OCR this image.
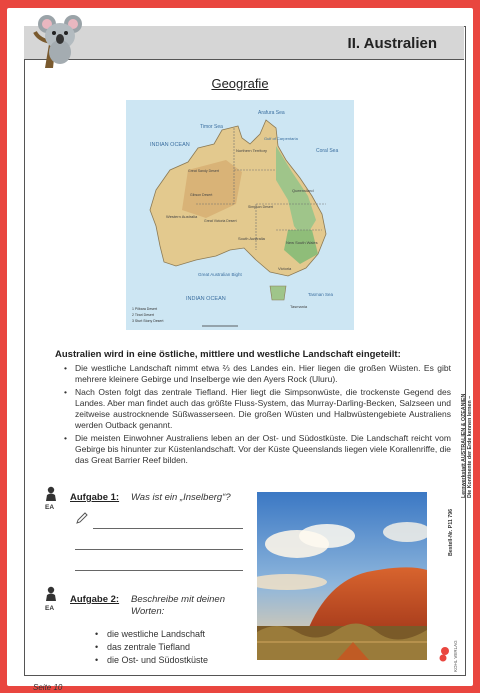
II. Australien
Geografie
INDIAN OCEAN
INDIAN OCEAN
Coral Sea
Timor Sea
Arafura Sea
Gulf of Carpentaria
Great Australian Bight
Tasman Sea
Northern Territory
Queensland
Western Australia
South Australia
New South Wales
Victoria
Tasmania
Great Sandy Desert
Gibson Desert
Great Victoria Desert
Simpson Desert
1 Pilbara Desert
2 Tirari Desert
3 Sturt Stony Desert
Australien wird in eine östliche, mittlere und westliche Landschaft eingeteilt:
• Die westliche Landschaft nimmt etwa ⅔ des Landes ein. Hier liegen die großen Wüsten. Es gibt mehrere kleinere Gebirge und Inselberge wie den Ayers Rock (Uluru).
• Nach Osten folgt das zentrale Tiefland. Hier liegt die Simpsonwüste, die trockenste Gegend des Landes. Aber man findet auch das größte Fluss-System, das Murray-Darling-Becken, Salzseen und zeitweise austrocknende Süßwasserseen. Die großen Wüsten und Halbwüstengebiete Australiens werden Outback genannt.
• Die meisten Einwohner Australiens leben an der Ost- und Südostküste. Die Landschaft reicht vom Gebirge bis hinunter zur Küstenlandschaft. Vor der Küste Queenslands liegen viele Korallenriffe, die das Great Barrier Reef bilden.
EA
Aufgabe 1: Was ist ein „Inselberg“?
EA
Aufgabe 2: Beschreibe mit deinen Worten:
• die westliche Landschaft
• das zentrale Tiefland
• die Ost- und Südostküste
Lernwerkstatt AUSTRALIEN & OZEANIEN Die Kontinente der Erde kennen lernen –
Bestell-Nr. P11 796
KOHL VERLAG
Seite 10
